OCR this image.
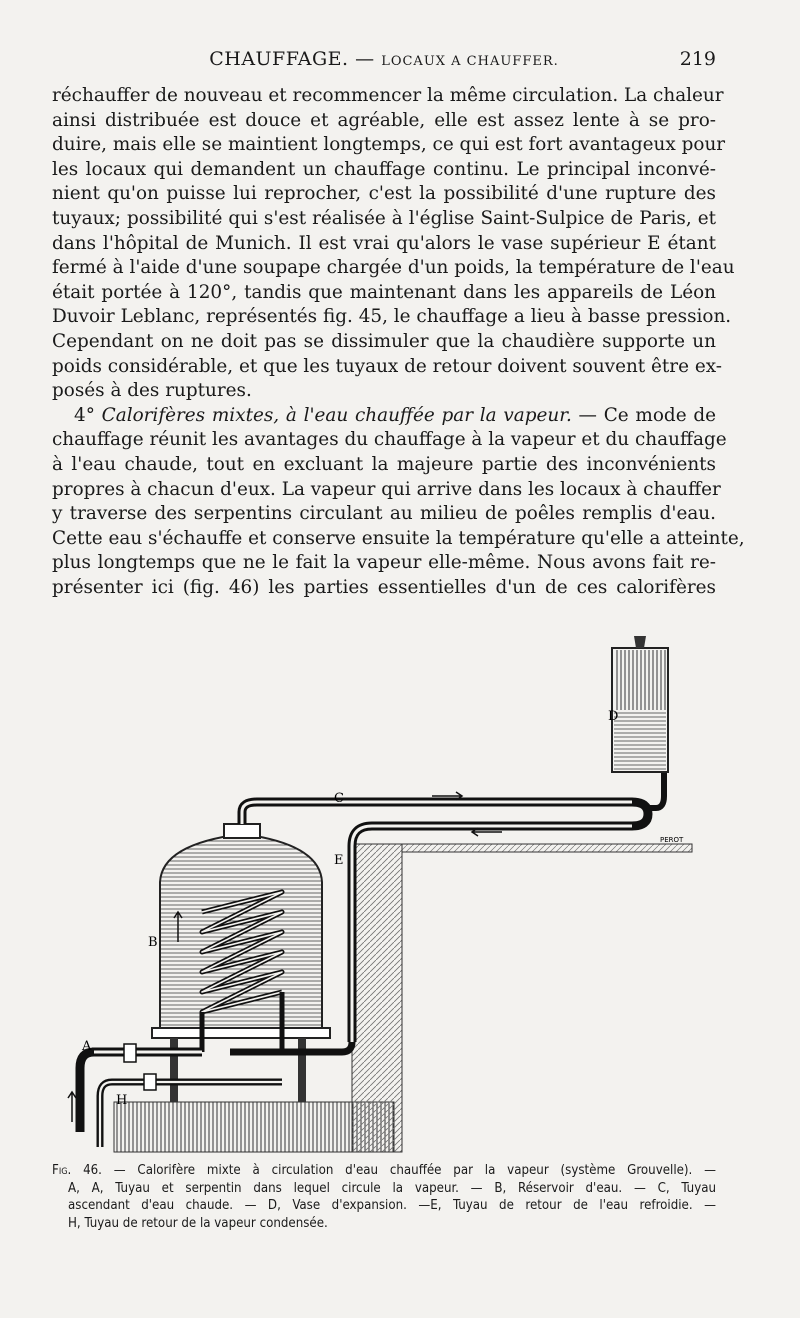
CHAUFFAGE. — LOCAUX A CHAUFFER.	219

réchauffer de nouveau et recommencer la même circulation. La chaleur
ainsi distribuée est douce et agréable, elle est assez lente à se pro-
duire, mais elle se maintient longtemps, ce qui est fort avantageux pour
les locaux qui demandent un chauffage continu. Le principal inconvé-
nient qu'on puisse lui reprocher, c'est la possibilité d'une rupture des
tuyaux; possibilité qui s'est réalisée à l'église Saint-Sulpice de Paris, et
dans l'hôpital de Munich. Il est vrai qu'alors le vase supérieur E étant
fermé à l'aide d'une soupape chargée d'un poids, la température de l'eau
était portée à 120°, tandis que maintenant dans les appareils de Léon
Duvoir Leblanc, représentés fig. 45, le chauffage a lieu à basse pression.
Cependant on ne doit pas se dissimuler que la chaudière supporte un
poids considérable, et que les tuyaux de retour doivent souvent être ex-
posés à des ruptures.

4° Calorifères mixtes, à l'eau chauffée par la vapeur. — Ce mode de
chauffage réunit les avantages du chauffage à la vapeur et du chauffage
à l'eau chaude, tout en excluant la majeure partie des inconvénients
propres à chacun d'eux. La vapeur qui arrive dans les locaux à chauffer
y traverse des serpentins circulant au milieu de poêles remplis d'eau.
Cette eau s'échauffe et conserve ensuite la température qu'elle a atteinte,
plus longtemps que ne le fait la vapeur elle-même. Nous avons fait re-
présenter ici (fig. 46) les parties essentielles d'un de ces calorifères

A
B
C
D
E
H
PEROT
Fig. 46. — Calorifère mixte à circulation d'eau chauffée par la vapeur (système Grouvelle). —
A, A, Tuyau et serpentin dans lequel circule la vapeur. — B, Réservoir d'eau. — C, Tuyau
ascendant d'eau chaude. — D, Vase d'expansion. —E, Tuyau de retour de l'eau refroidie. —
H, Tuyau de retour de la vapeur condensée.
